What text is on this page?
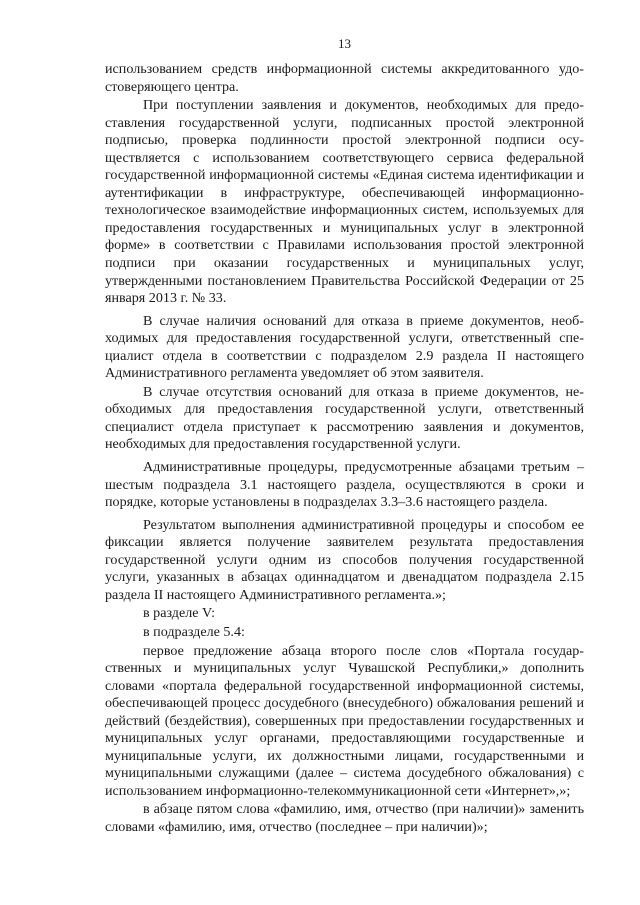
13

использованием средств информационной системы аккредитованного удостоверяющего центра.

При поступлении заявления и документов, необходимых для предоставления государственной услуги, подписанных простой электронной подписью, проверка подлинности простой электронной подписи осуществляется с использованием соответствующего сервиса федеральной государственной информационной системы «Единая система идентификации и аутентификации в инфраструктуре, обеспечивающей информационно-технологическое взаимодействие информационных систем, используемых для предоставления государственных и муниципальных услуг в электронной форме» в соответствии с Правилами использования простой электронной подписи при оказании государственных и муниципальных услуг, утвержденными постановлением Правительства Российской Федерации от 25 января 2013 г. № 33.

В случае наличия оснований для отказа в приеме документов, необходимых для предоставления государственной услуги, ответственный специалист отдела в соответствии с подразделом 2.9 раздела II настоящего Административного регламента уведомляет об этом заявителя.

В случае отсутствия оснований для отказа в приеме документов, необходимых для предоставления государственной услуги, ответственный специалист отдела приступает к рассмотрению заявления и документов, необходимых для предоставления государственной услуги.

Административные процедуры, предусмотренные абзацами третьим – шестым подраздела 3.1 настоящего раздела, осуществляются в сроки и порядке, которые установлены в подразделах 3.3–3.6 настоящего раздела.

Результатом выполнения административной процедуры и способом ее фиксации является получение заявителем результата предоставления государственной услуги одним из способов получения государственной услуги, указанных в абзацах одиннадцатом и двенадцатом подраздела 2.15 раздела II настоящего Административного регламента.»;

в разделе V:

в подразделе 5.4:

первое предложение абзаца второго после слов «Портала государственных и муниципальных услуг Чувашской Республики,» дополнить словами «портала федеральной государственной информационной системы, обеспечивающей процесс досудебного (внесудебного) обжалования решений и действий (бездействия), совершенных при предоставлении государственных и муниципальных услуг органами, предоставляющими государственные и муниципальные услуги, их должностными лицами, государственными и муниципальными служащими (далее – система досудебного обжалования) с использованием информационно-телекоммуникационной сети «Интернет»,»;

в абзаце пятом слова «фамилию, имя, отчество (при наличии)» заменить словами «фамилию, имя, отчество (последнее – при наличии)»;
